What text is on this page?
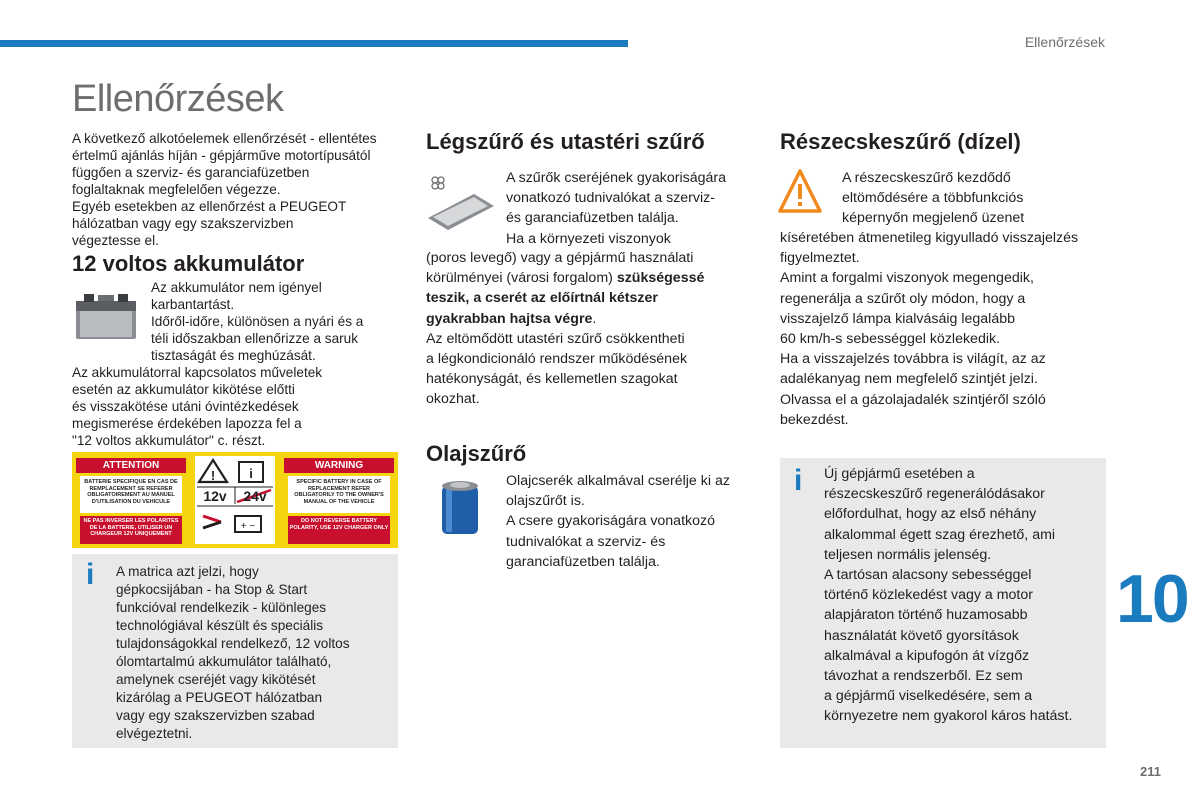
Ellenőrzések
Ellenőrzések

A következő alkotóelemek ellenőrzését - ellentétes

értelmű ajánlás híján - gépjárműve motortípusától

függően a szerviz- és garanciafüzetben

foglaltaknak megfelelően végezze.

Egyéb esetekben az ellenőrzést a PEUGEOT

hálózatban vagy egy szakszervizben

végeztesse el.

12 voltos akkumulátor

Az akkumulátor nem igényel

karbantartást.

Időről-időre, különösen a nyári és a

téli időszakban ellenőrizze a saruk

tisztaságát és meghúzását.

Az akkumulátorral kapcsolatos műveletek

esetén az akkumulátor kikötése előtti

és visszakötése utáni óvintézkedések

megismerése érdekében lapozza fel a

"12 voltos akkumulátor" c. részt.

ATTENTION	WARNING
BATTERIE SPECIFIQUE EN CAS DE REMPLACEMENT SE REFERER OBLIGATOIREMENT AU MANUEL D'UTILISATION DU VEHICULE
SPECIFIC BATTERY IN CASE OF REPLACEMENT REFER OBLIGATORILY TO THE OWNER'S MANUAL OF THE VEHICLE
NE PAS INVERSER LES POLARITES DE LA BATTERIE, UTILISER UN CHARGEUR 12V UNIQUEMENT
DO NOT REVERSE BATTERY POLARITY, USE 12V CHARGER ONLY
!	i
+ −
12v	24v
i A matrica azt jelzi, hogy

gépkocsijában - ha Stop & Start

funkcióval rendelkezik - különleges

technológiával készült és speciális

tulajdonságokkal rendelkező, 12 voltos

ólomtartalmú akkumulátor található,

amelynek cseréjét vagy kikötését

kizárólag a PEUGEOT hálózatban

vagy egy szakszervizben szabad

elvégeztetni.

Légszűrő és utastéri szűrő

A szűrők cseréjének gyakoriságára

vonatkozó tudnivalókat a szerviz-

és garanciafüzetben találja.

Ha a környezeti viszonyok

(poros levegő) vagy a gépjármű használati

körülményei (városi forgalom) szükségessé

teszik, a cserét az előírtnál kétszer

gyakrabban hajtsa végre.

Az eltömődött utastéri szűrő csökkentheti

a légkondicionáló rendszer működésének

hatékonyságát, és kellemetlen szagokat

okozhat.

Olajszűrő

Olajcserék alkalmával cserélje ki az

olajszűrőt is.

A csere gyakoriságára vonatkozó

tudnivalókat a szerviz- és

garanciafüzetben találja.

Részecskeszűrő (dízel)

A részecskeszűrő kezdődő

eltömődésére a többfunkciós

képernyőn megjelenő üzenet

kíséretében átmenetileg kigyulladó visszajelzés

figyelmeztet.

Amint a forgalmi viszonyok megengedik,

regenerálja a szűrőt oly módon, hogy a

visszajelző lámpa kialvásáig legalább

60 km/h-s sebességgel közlekedik.

Ha a visszajelzés továbbra is világít, az az

adalékanyag nem megfelelő szintjét jelzi.

Olvassa el a gázolajadalék szintjéről szóló

bekezdést.

i Új gépjármű esetében a

részecskeszűrő regenerálódásakor

előfordulhat, hogy az első néhány

alkalommal égett szag érezhető, ami

teljesen normális jelenség.

A tartósan alacsony sebességgel

történő közlekedést vagy a motor

alapjáraton történő huzamosabb

használatát követő gyorsítások

alkalmával a kipufogón át vízgőz

távozhat a rendszerből. Ez sem

a gépjármű viselkedésére, sem a

környezetre nem gyakorol káros hatást.

10
211
